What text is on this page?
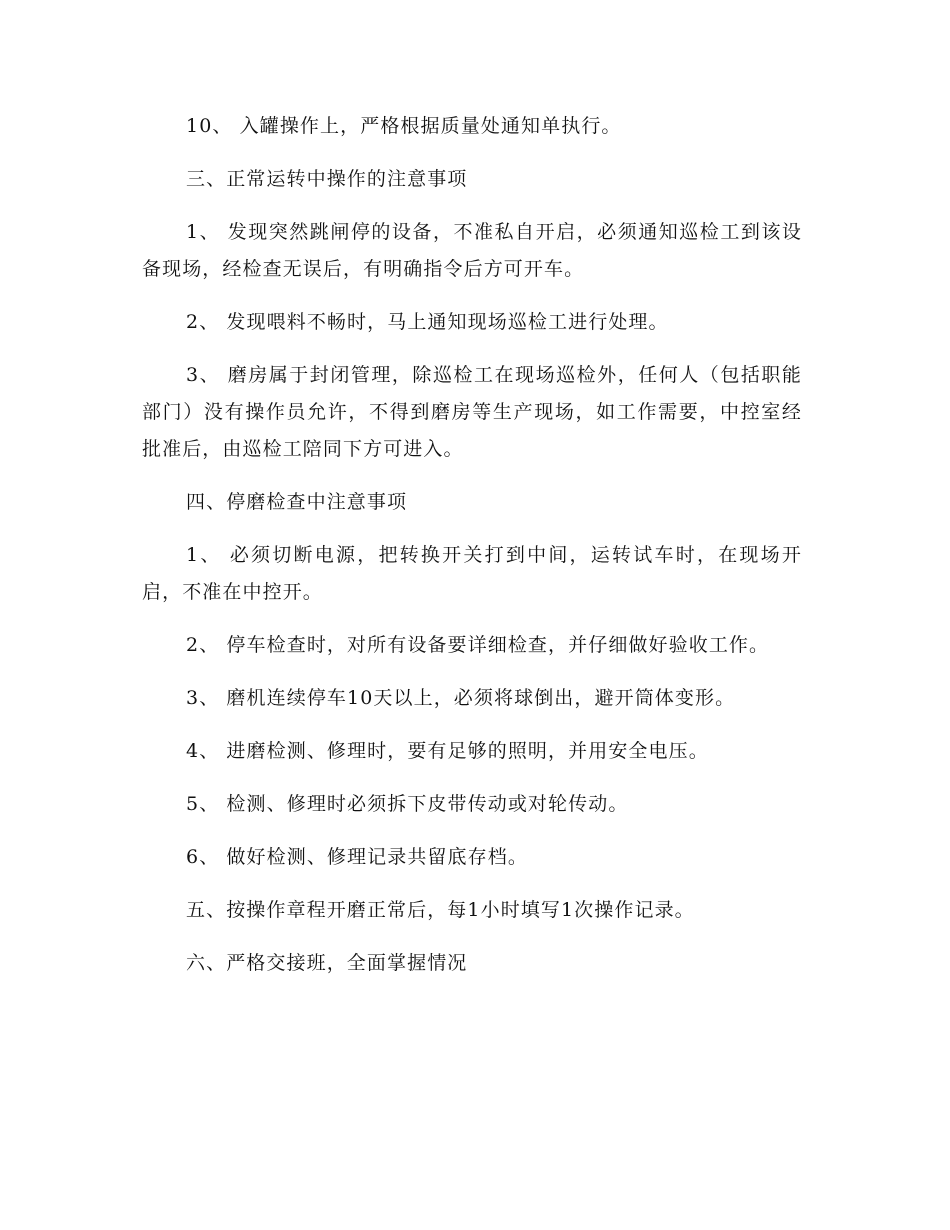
10、 入罐操作上，严格根据质量处通知单执行。

三、正常运转中操作的注意事项

1、 发现突然跳闸停的设备，不准私自开启，必须通知巡检工到该设备现场，经检查无误后，有明确指令后方可开车。

2、 发现喂料不畅时，马上通知现场巡检工进行处理。

3、 磨房属于封闭管理，除巡检工在现场巡检外，任何人（包括职能部门）没有操作员允许，不得到磨房等生产现场，如工作需要，中控室经批准后，由巡检工陪同下方可进入。

四、停磨检查中注意事项

1、 必须切断电源，把转换开关打到中间，运转试车时，在现场开启，不准在中控开。

2、 停车检查时，对所有设备要详细检查，并仔细做好验收工作。

3、 磨机连续停车10天以上，必须将球倒出，避开筒体变形。

4、 进磨检测、修理时，要有足够的照明，并用安全电压。

5、 检测、修理时必须拆下皮带传动或对轮传动。

6、 做好检测、修理记录共留底存档。

五、按操作章程开磨正常后，每1小时填写1次操作记录。

六、严格交接班，全面掌握情况
